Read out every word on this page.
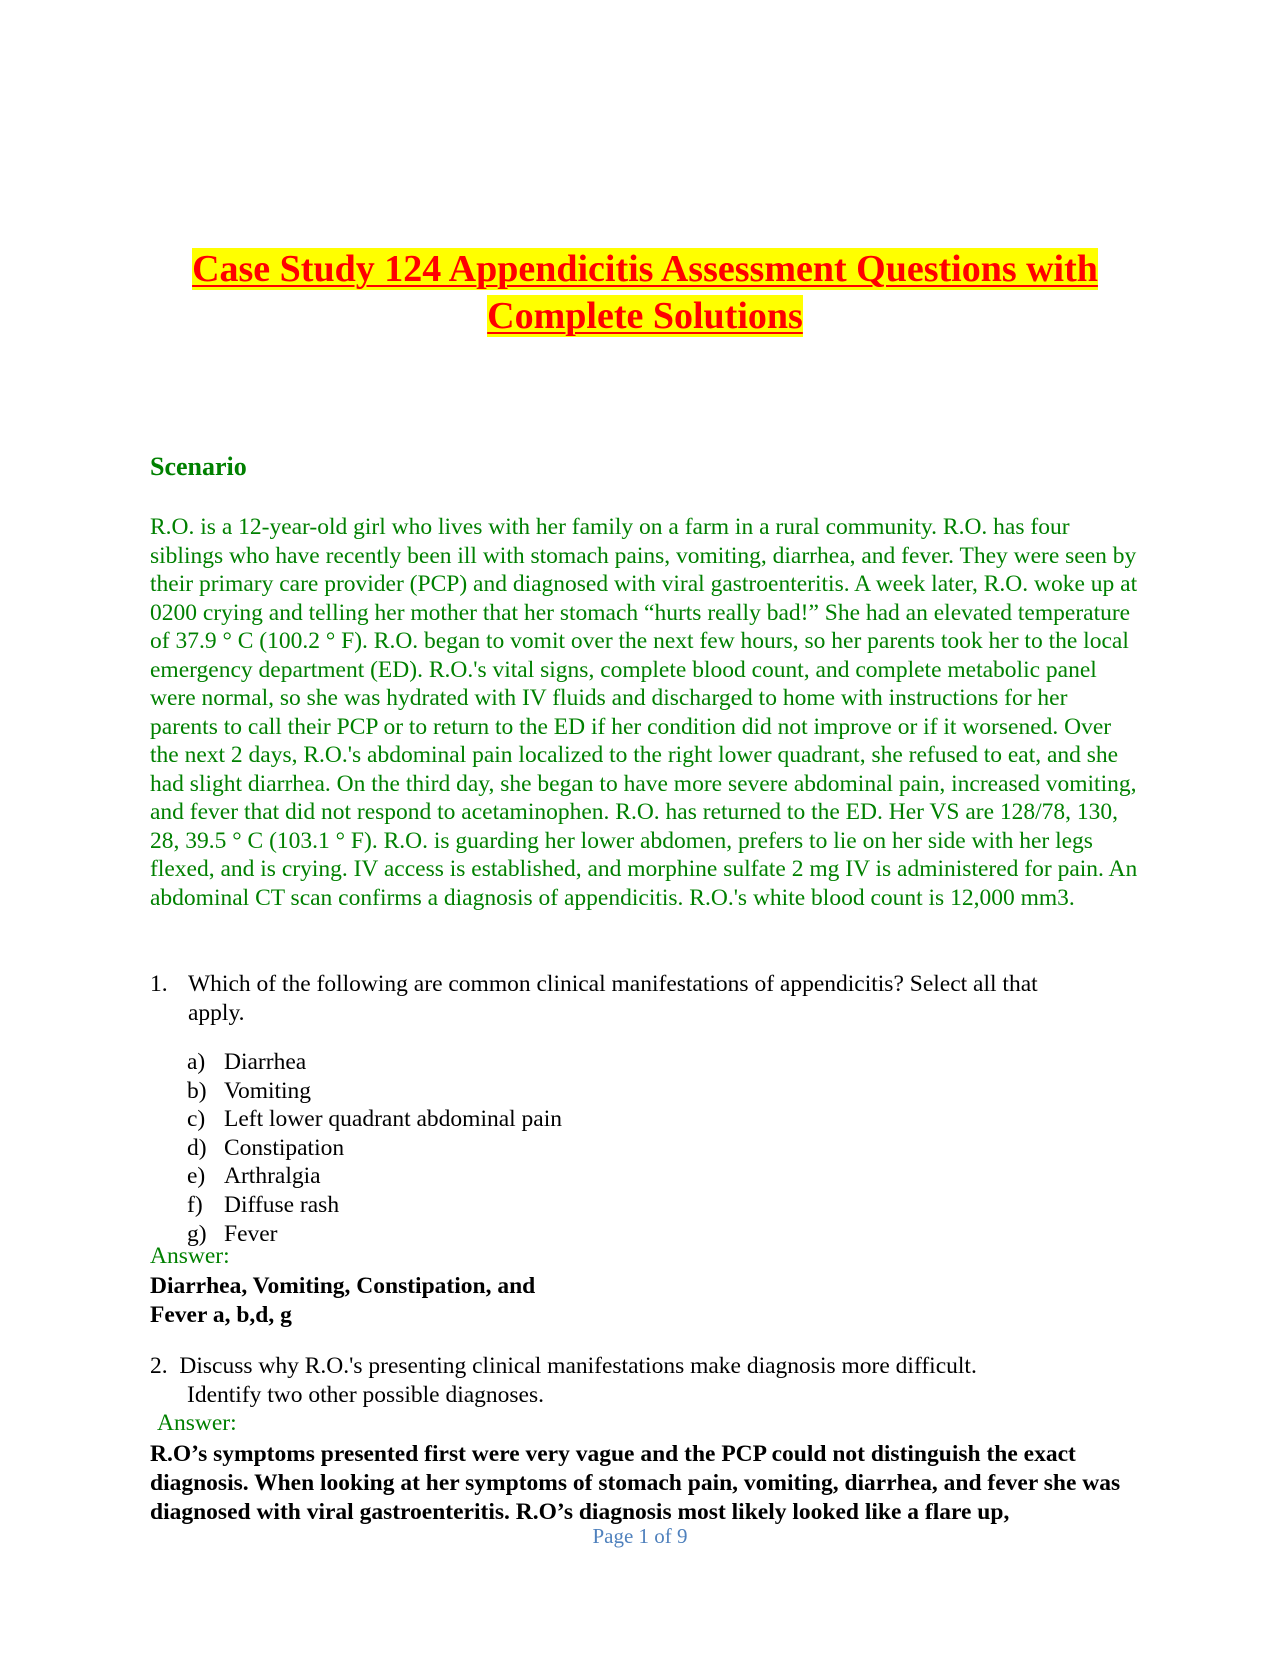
Case Study 124 Appendicitis Assessment Questions with
Complete Solutions
Scenario

R.O. is a 12-year-old girl who lives with her family on a farm in a rural community. R.O. has four siblings who have recently been ill with stomach pains, vomiting, diarrhea, and fever. They were seen by their primary care provider (PCP) and diagnosed with viral gastroenteritis. A week later, R.O. woke up at 0200 crying and telling her mother that her stomach “hurts really bad!” She had an elevated temperature of 37.9 ° C (100.2 ° F). R.O. began to vomit over the next few hours, so her parents took her to the local emergency department (ED). R.O.'s vital signs, complete blood count, and complete metabolic panel were normal, so she was hydrated with IV fluids and discharged to home with instructions for her parents to call their PCP or to return to the ED if her condition did not improve or if it worsened. Over the next 2 days, R.O.'s abdominal pain localized to the right lower quadrant, she refused to eat, and she had slight diarrhea. On the third day, she began to have more severe abdominal pain, increased vomiting, and fever that did not respond to acetaminophen. R.O. has returned to the ED. Her VS are 128/78, 130, 28, 39.5 ° C (103.1 ° F). R.O. is guarding her lower abdomen, prefers to lie on her side with her legs flexed, and is crying. IV access is established, and morphine sulfate 2 mg IV is administered for pain. An abdominal CT scan confirms a diagnosis of appendicitis. R.O.'s white blood count is 12,000 mm3.

1. Which of the following are common clinical manifestations of appendicitis? Select all that apply.
a) Diarrhea
b) Vomiting
c) Left lower quadrant abdominal pain
d) Constipation
e) Arthralgia
f) Diffuse rash
g) Fever

Answer:

Diarrhea, Vomiting, Constipation, and
Fever a, b,d, g

2. Discuss why R.O.'s presenting clinical manifestations make diagnosis more difficult.
Identify two other possible diagnoses.

Answer:

R.O’s symptoms presented first were very vague and the PCP could not distinguish the exact diagnosis. When looking at her symptoms of stomach pain, vomiting, diarrhea, and fever she was diagnosed with viral gastroenteritis. R.O’s diagnosis most likely looked like a flare up,

Page 1 of 9
